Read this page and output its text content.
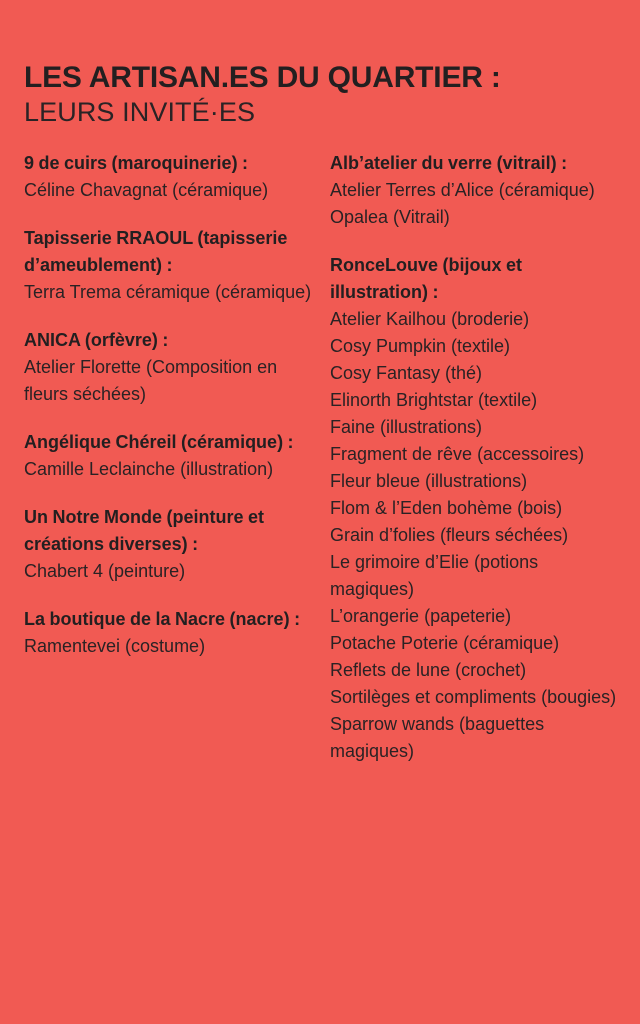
LES ARTISAN.ES DU QUARTIER :
LEURS INVITÉ·ES

9 de cuirs (maroquinerie) :

Céline Chavagnat (céramique)

Tapisserie RRAOUL (tapisserie d’ameublement) :

Terra Trema céramique (céramique)

ANICA (orfèvre) :

Atelier Florette (Composition en fleurs séchées)

Angélique Chéreil (céramique) :

Camille Leclainche (illustration)

Un Notre Monde (peinture et créations diverses) :

Chabert 4 (peinture)

La boutique de la Nacre (nacre) :

Ramentevei (costume)

Alb’atelier du verre (vitrail) :

Atelier Terres d’Alice (céramique)
Opalea (Vitrail)

RonceLouve (bijoux et illustration) :

Atelier Kailhou (broderie)
Cosy Pumpkin (textile)
Cosy Fantasy (thé)
Elinorth Brightstar (textile)
Faine (illustrations)
Fragment de rêve (accessoires)
Fleur bleue (illustrations)
Flom & l’Eden bohème (bois)
Grain d’folies (fleurs séchées)
Le grimoire d’Elie (potions magiques)
L’orangerie (papeterie)
Potache Poterie (céramique)
Reflets de lune (crochet)
Sortilèges et compliments (bougies)
Sparrow wands (baguettes magiques)
